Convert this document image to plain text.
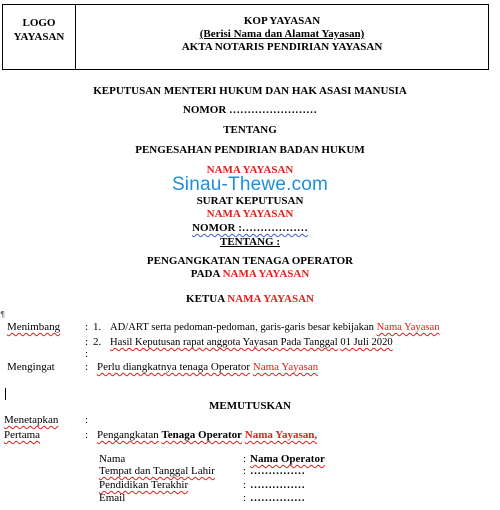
LOGO
YAYASAN
KOP YAYASAN
(Berisi Nama dan Alamat Yayasan)
AKTA NOTARIS PENDIRIAN YAYASAN
KEPUTUSAN MENTERI HUKUM DAN HAK ASASI MANUSIA
NOMOR ……………………
TENTANG
PENGESAHAN PENDIRIAN BADAN HUKUM
NAMA YAYASAN
Sinau-Thewe.com
SURAT KEPUTUSAN
NAMA YAYASAN
NOMOR :………………
TENTANG :
PENGANGKATAN TENAGA OPERATOR
PADA NAMA YAYASAN
KETUA NAMA YAYASAN
¶
Menimbang : 1. AD/ART serta pedoman-pedoman, garis-garis besar kebijakan Nama Yayasan
: 2. Hasil Keputusan rapat anggota Yayasan Pada Tanggal 01 Juli 2020
:
Mengingat	: Perlu diangkatnya tenaga Operator Nama Yayasan
MEMUTUSKAN
Menetapkan :
Pertama	: Pengangkatan Tenaga Operator Nama Yayasan,
Nama	: Nama Operator
Tempat dan Tanggal Lahir	: ……………
Pendidikan Terakhir	: ……………
Email	: ……………
